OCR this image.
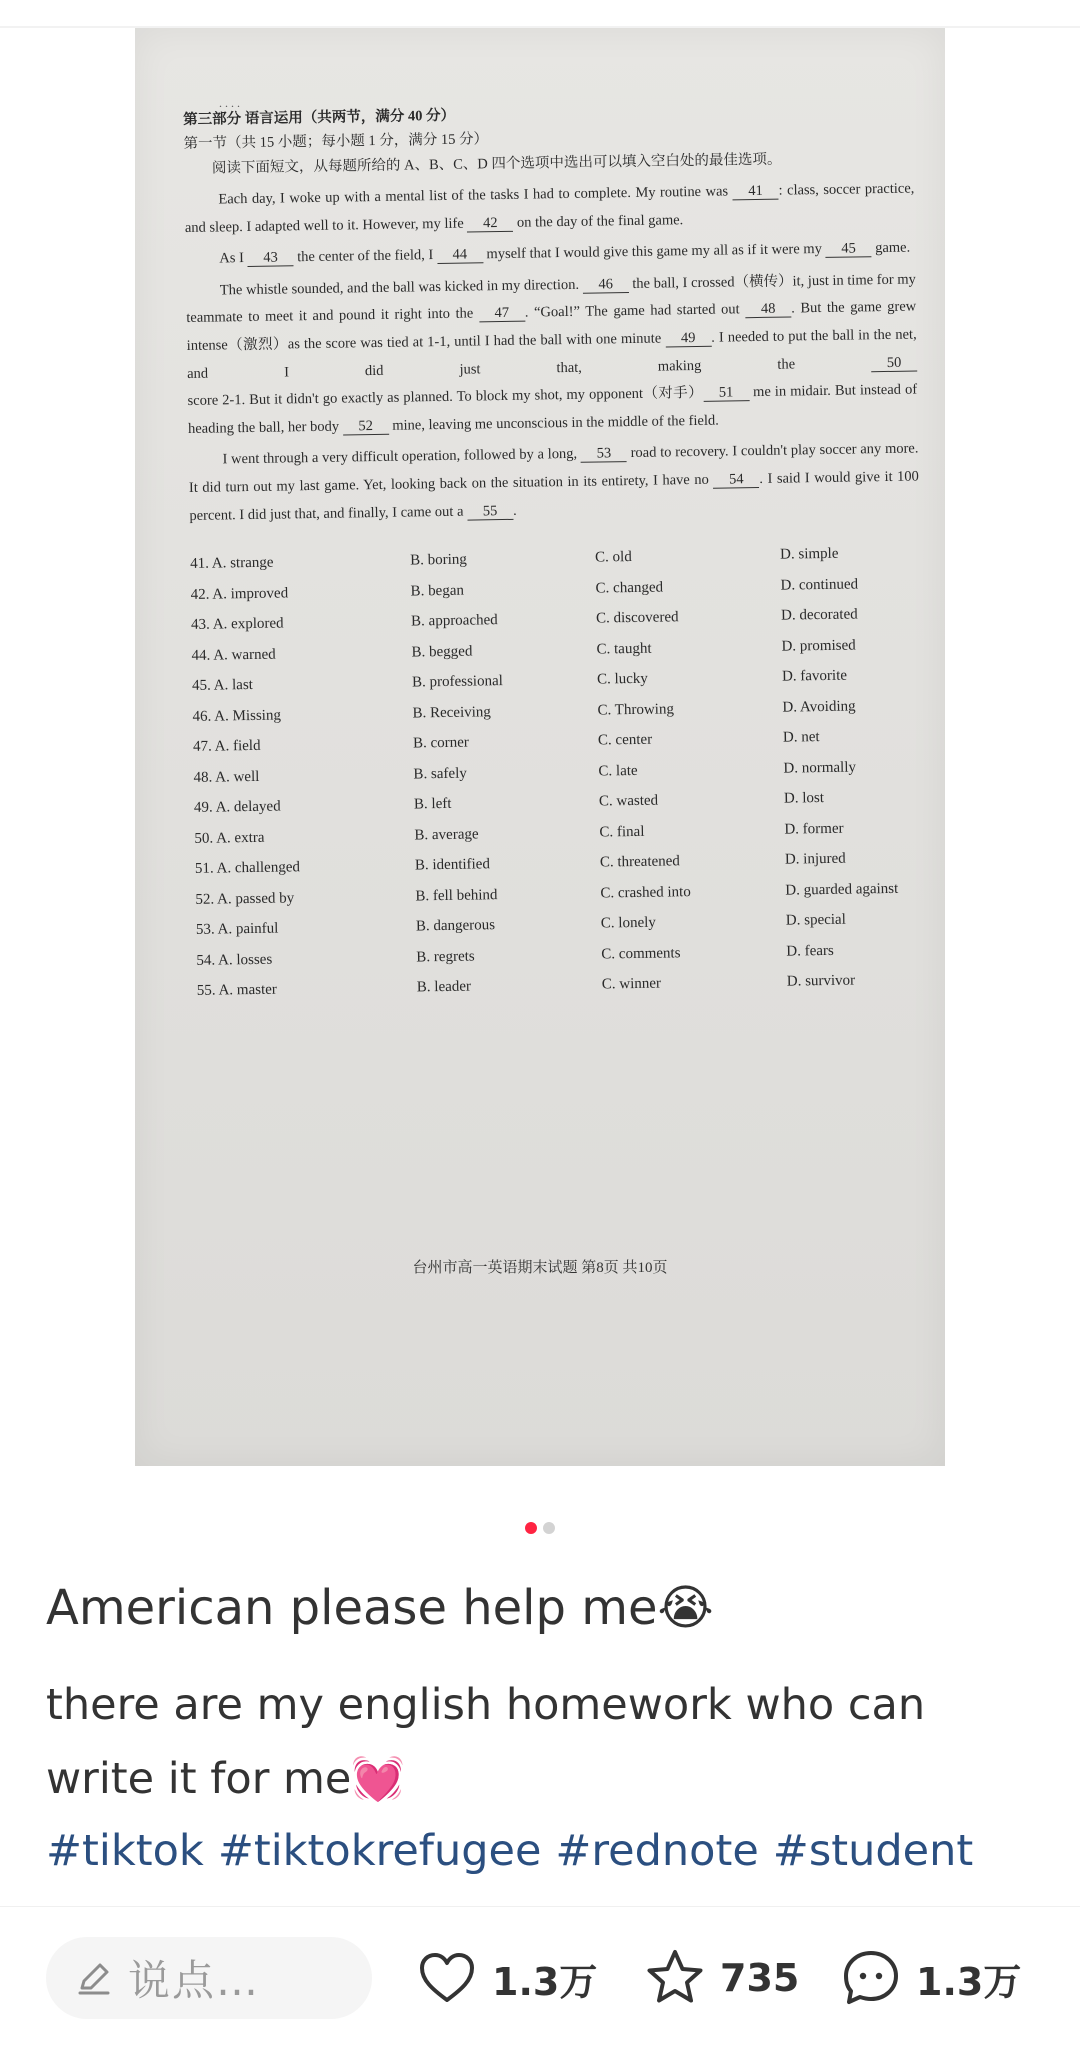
. . . .

第三部分 语言运用（共两节，满分 40 分）

第一节（共 15 小题；每小题 1 分，满分 15 分）

阅读下面短文，从每题所给的 A、B、C、D 四个选项中选出可以填入空白处的最佳选项。

Each day, I woke up with a mental list of the tasks I had to complete. My routine was 41 : class, soccer practice, and sleep. I adapted well to it. However, my life 42 on the day of the final game.

As I 43 the center of the field, I 44 myself that I would give this game my all as if it were my 45 game.

The whistle sounded, and the ball was kicked in my direction. 46 the ball, I crossed（横传）it, just in time for my teammate to meet it and pound it right into the 47 . “Goal!” The game had started out 48 . But the game grew intense（激烈）as the score was tied at 1-1, until I had the ball with one minute 49 . I needed to put the ball in the net, and I did just that, making the 50 score 2-1. But it didn't go exactly as planned. To block my shot, my opponent（对手） 51 me in midair. But instead of heading the ball, her body 52 mine, leaving me unconscious in the middle of the field.

I went through a very difficult operation, followed by a long, 53 road to recovery. I couldn't play soccer any more. It did turn out my last game. Yet, looking back on the situation in its entirety, I have no 54 . I said I would give it 100 percent. I did just that, and finally, I came out a 55 .

41. A. strange	B. boring	C. old	D. simple
42. A. improved	B. began	C. changed	D. continued
43. A. explored	B. approached	C. discovered	D. decorated
44. A. warned	B. begged	C. taught	D. promised
45. A. last	B. professional	C. lucky	D. favorite
46. A. Missing	B. Receiving	C. Throwing	D. Avoiding
47. A. field	B. corner	C. center	D. net
48. A. well	B. safely	C. late	D. normally
49. A. delayed	B. left	C. wasted	D. lost
50. A. extra	B. average	C. final	D. former
51. A. challenged	B. identified	C. threatened	D. injured
52. A. passed by	B. fell behind	C. crashed into	D. guarded against
53. A. painful	B. dangerous	C. lonely	D. special
54. A. losses	B. regrets	C. comments	D. fears
55. A. master	B. leader	C. winner	D. survivor
台州市高一英语期末试题 第8页 共10页
American please help me😭

there are my english homework who can write it for me💓

#tiktok #tiktokrefugee #rednote #student
说点…	1.3万	735	1.3万
